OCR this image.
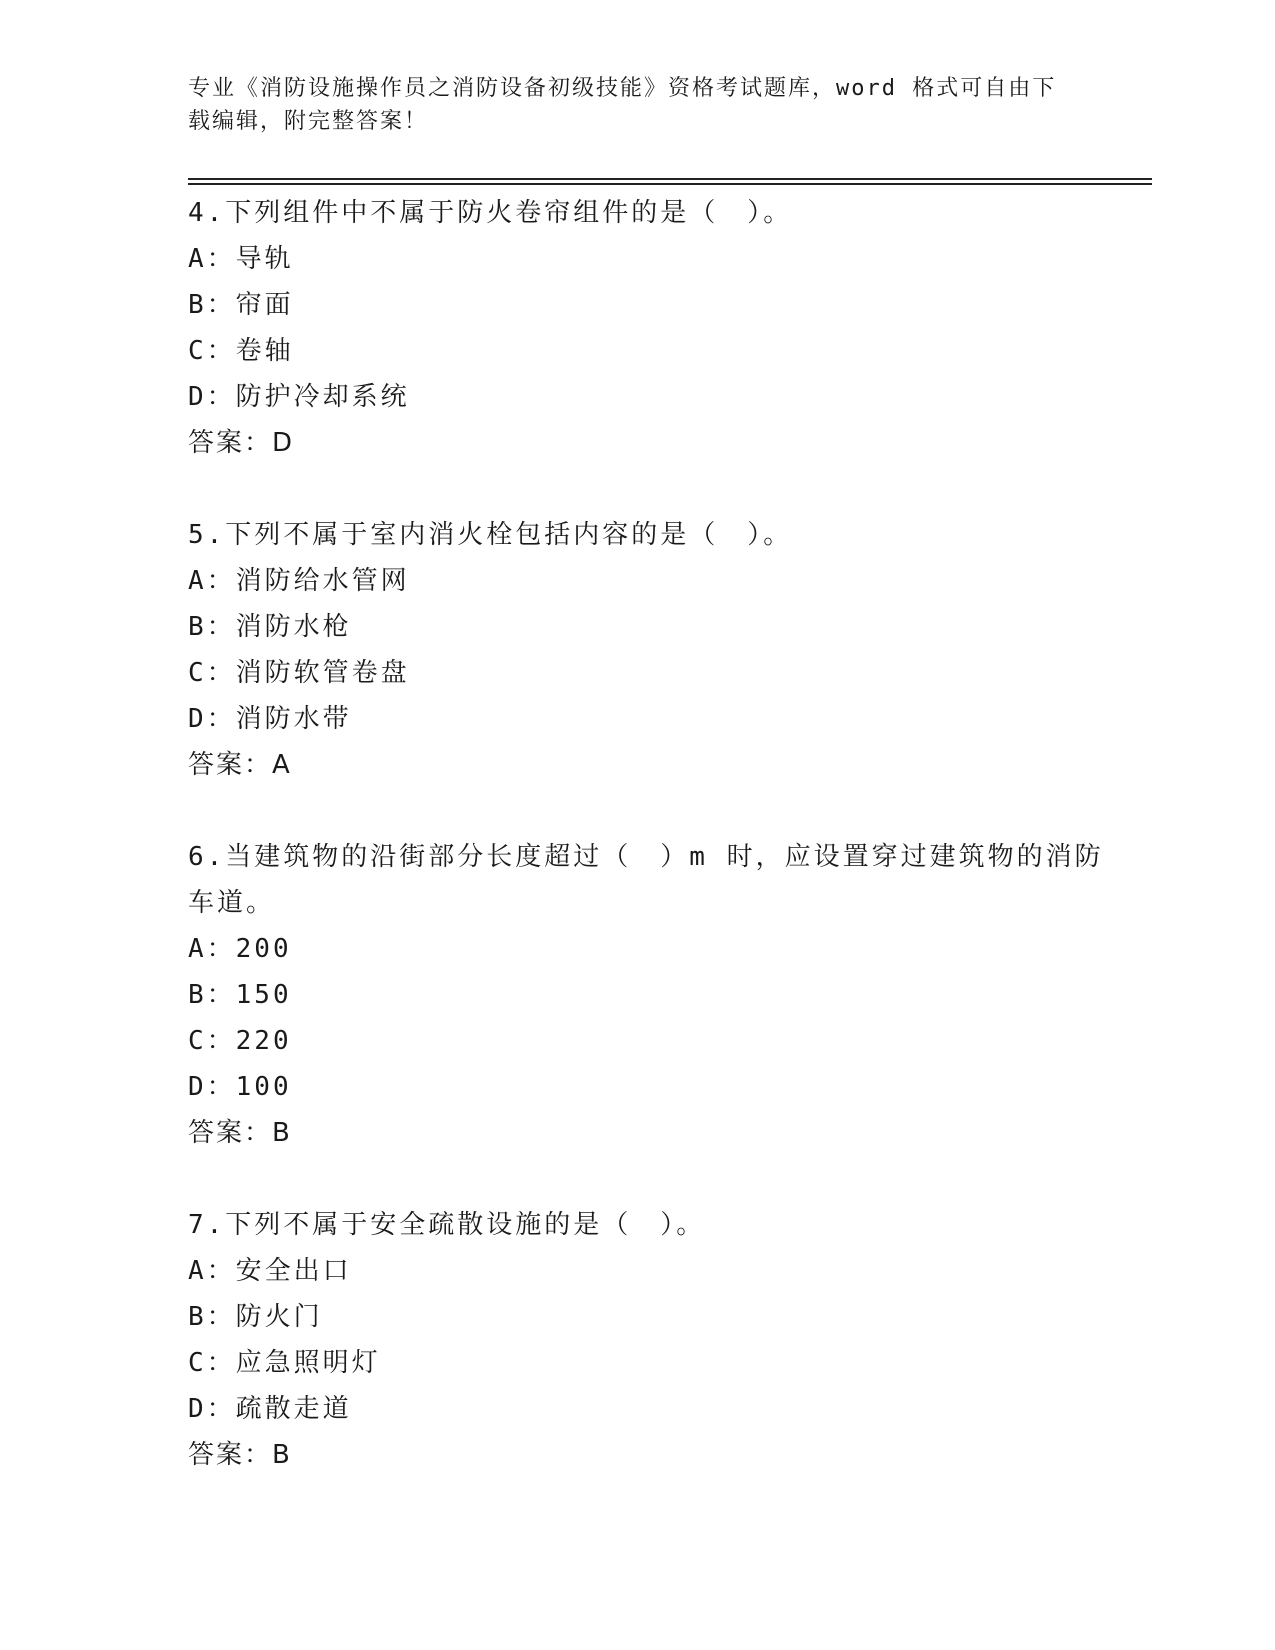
专业《消防设施操作员之消防设备初级技能》资格考试题库，word 格式可自由下
载编辑，附完整答案！
4.下列组件中不属于防火卷帘组件的是（　）。
A：导轨
B：帘面
C：卷轴
D：防护冷却系统
答案：D
5.下列不属于室内消火栓包括内容的是（　）。
A：消防给水管网
B：消防水枪
C：消防软管卷盘
D：消防水带
答案：A
6.当建筑物的沿街部分长度超过（　）m 时，应设置穿过建筑物的消防车道。
A：200
B：150
C：220
D：100
答案：B
7.下列不属于安全疏散设施的是（　）。
A：安全出口
B：防火门
C：应急照明灯
D：疏散走道
答案：B
